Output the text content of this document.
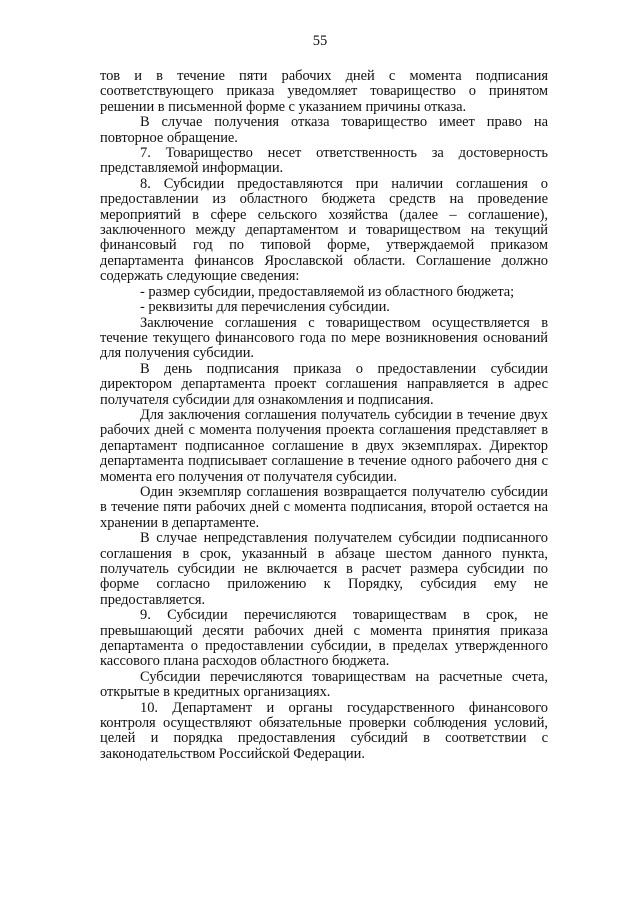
55

тов и в течение пяти рабочих дней с момента подписания соответствующего приказа уведомляет товарищество о принятом решении в письменной форме с указанием причины отказа.

В случае получения отказа товарищество имеет право на повторное обращение.

7. Товарищество несет ответственность за достоверность представляемой информации.

8. Субсидии предоставляются при наличии соглашения о предоставлении из областного бюджета средств на проведение мероприятий в сфере сельского хозяйства (далее – соглашение), заключенного между департаментом и товариществом на текущий финансовый год по типовой форме, утверждаемой приказом департамента финансов Ярославской области. Соглашение должно содержать следующие сведения:

- размер субсидии, предоставляемой из областного бюджета;

- реквизиты для перечисления субсидии.

Заключение соглашения с товариществом осуществляется в течение текущего финансового года по мере возникновения оснований для получения субсидии.

В день подписания приказа о предоставлении субсидии директором департамента проект соглашения направляется в адрес получателя субсидии для ознакомления и подписания.

Для заключения соглашения получатель субсидии в течение двух рабочих дней с момента получения проекта соглашения представляет в департамент подписанное соглашение в двух экземплярах. Директор департамента подписывает соглашение в течение одного рабочего дня с момента его получения от получателя субсидии.

Один экземпляр соглашения возвращается получателю субсидии в течение пяти рабочих дней с момента подписания, второй остается на хранении в департаменте.

В случае непредставления получателем субсидии подписанного соглашения в срок, указанный в абзаце шестом данного пункта, получатель субсидии не включается в расчет размера субсидии по форме согласно приложению к Порядку, субсидия ему не предоставляется.

9. Субсидии перечисляются товариществам в срок, не превышающий десяти рабочих дней с момента принятия приказа департамента о предоставлении субсидии, в пределах утвержденного кассового плана расходов областного бюджета.

Субсидии перечисляются товариществам на расчетные счета, открытые в кредитных организациях.

10. Департамент и органы государственного финансового контроля осуществляют обязательные проверки соблюдения условий, целей и порядка предоставления субсидий в соответствии с законодательством Российской Федерации.
